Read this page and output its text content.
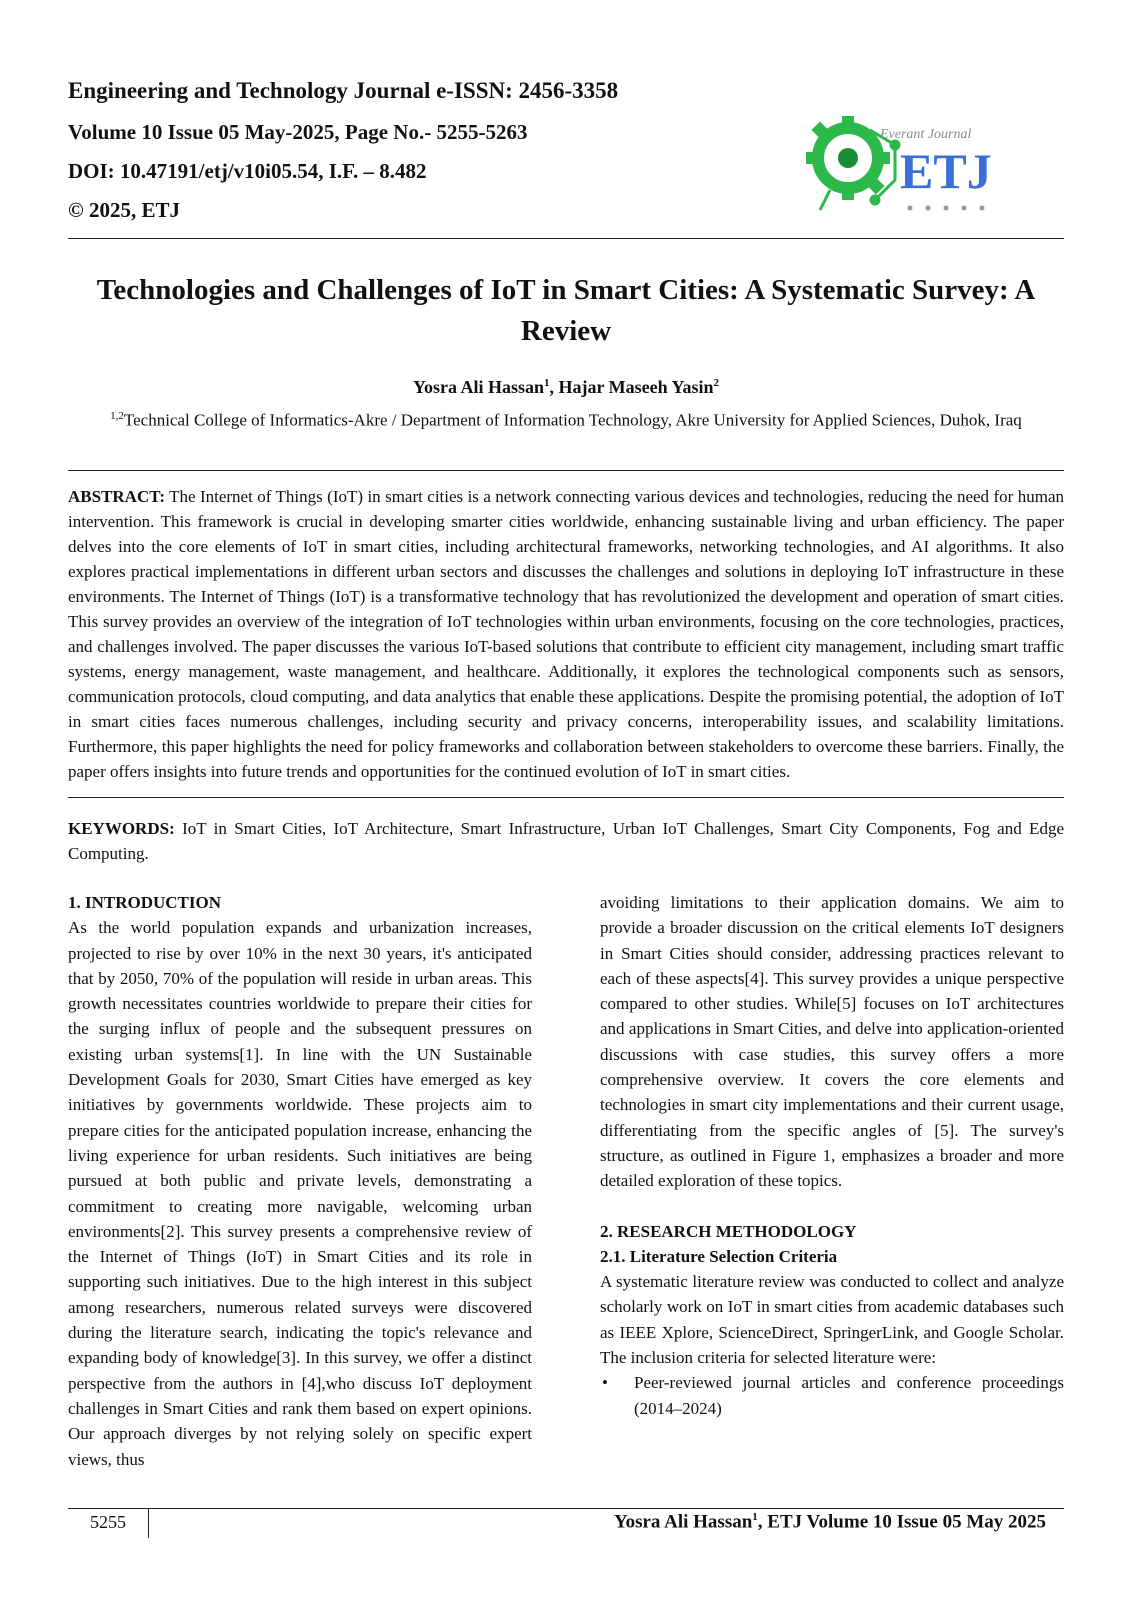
Engineering and Technology Journal e-ISSN: 2456-3358
Volume 10 Issue 05 May-2025, Page No.- 5255-5263
DOI: 10.47191/etj/v10i05.54, I.F. – 8.482
© 2025, ETJ
Everant Journal
ETJ
Technologies and Challenges of IoT in Smart Cities: A Systematic Survey: A Review
Yosra Ali Hassan$^1$, Hajar Maseeh Yasin$^2$
$^{1,2}$Technical College of Informatics-Akre / Department of Information Technology, Akre University for Applied Sciences, Duhok, Iraq
ABSTRACT: The Internet of Things (IoT) in smart cities is a network connecting various devices and technologies, reducing the need for human intervention. This framework is crucial in developing smarter cities worldwide, enhancing sustainable living and urban efficiency. The paper delves into the core elements of IoT in smart cities, including architectural frameworks, networking technologies, and AI algorithms. It also explores practical implementations in different urban sectors and discusses the challenges and solutions in deploying IoT infrastructure in these environments. The Internet of Things (IoT) is a transformative technology that has revolutionized the development and operation of smart cities. This survey provides an overview of the integration of IoT technologies within urban environments, focusing on the core technologies, practices, and challenges involved. The paper discusses the various IoT-based solutions that contribute to efficient city management, including smart traffic systems, energy management, waste management, and healthcare. Additionally, it explores the technological components such as sensors, communication protocols, cloud computing, and data analytics that enable these applications. Despite the promising potential, the adoption of IoT in smart cities faces numerous challenges, including security and privacy concerns, interoperability issues, and scalability limitations. Furthermore, this paper highlights the need for policy frameworks and collaboration between stakeholders to overcome these barriers. Finally, the paper offers insights into future trends and opportunities for the continued evolution of IoT in smart cities.
KEYWORDS: IoT in Smart Cities, IoT Architecture, Smart Infrastructure, Urban IoT Challenges, Smart City Components, Fog and Edge Computing.
1. INTRODUCTION

As the world population expands and urbanization increases, projected to rise by over 10% in the next 30 years, it's anticipated that by 2050, 70% of the population will reside in urban areas. This growth necessitates countries worldwide to prepare their cities for the surging influx of people and the subsequent pressures on existing urban systems[1]. In line with the UN Sustainable Development Goals for 2030, Smart Cities have emerged as key initiatives by governments worldwide. These projects aim to prepare cities for the anticipated population increase, enhancing the living experience for urban residents. Such initiatives are being pursued at both public and private levels, demonstrating a commitment to creating more navigable, welcoming urban environments[2]. This survey presents a comprehensive review of the Internet of Things (IoT) in Smart Cities and its role in supporting such initiatives. Due to the high interest in this subject among researchers, numerous related surveys were discovered during the literature search, indicating the topic's relevance and expanding body of knowledge[3]. In this survey, we offer a distinct perspective from the authors in [4],who discuss IoT deployment challenges in Smart Cities and rank them based on expert opinions. Our approach diverges by not relying solely on specific expert views, thus

avoiding limitations to their application domains. We aim to provide a broader discussion on the critical elements IoT designers in Smart Cities should consider, addressing practices relevant to each of these aspects[4]. This survey provides a unique perspective compared to other studies. While[5] focuses on IoT architectures and applications in Smart Cities, and delve into application-oriented discussions with case studies, this survey offers a more comprehensive overview. It covers the core elements and technologies in smart city implementations and their current usage, differentiating from the specific angles of [5]. The survey's structure, as outlined in Figure 1, emphasizes a broader and more detailed exploration of these topics.

2. RESEARCH METHODOLOGY
2.1. Literature Selection Criteria

A systematic literature review was conducted to collect and analyze scholarly work on IoT in smart cities from academic databases such as IEEE Xplore, ScienceDirect, SpringerLink, and Google Scholar. The inclusion criteria for selected literature were:

• Peer-reviewed journal articles and conference proceedings (2014–2024)
5255	Yosra Ali Hassan$^1$, ETJ Volume 10 Issue 05 May 2025
